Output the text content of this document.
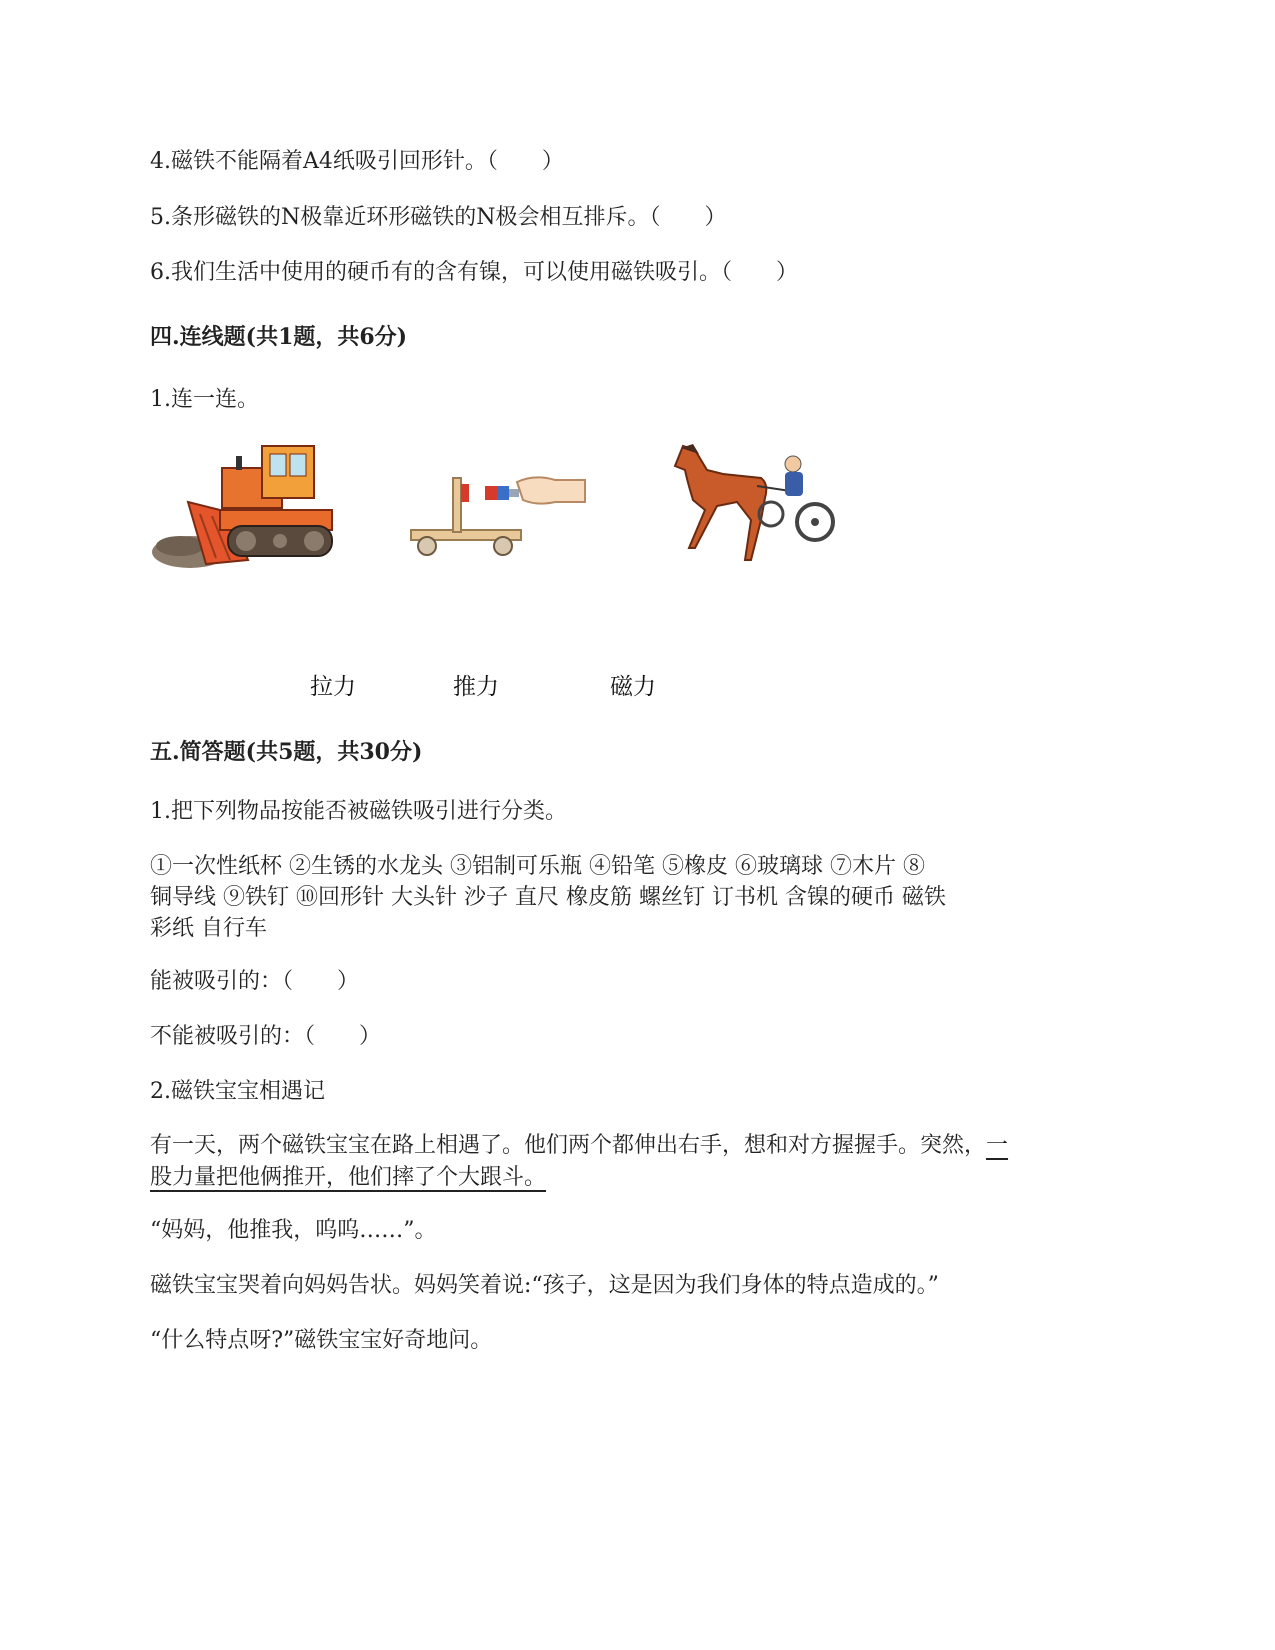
4.磁铁不能隔着A4纸吸引回形针。（　　）
5.条形磁铁的N极靠近环形磁铁的N极会相互排斥。（　　）
6.我们生活中使用的硬币有的含有镍，可以使用磁铁吸引。（　　）
四.连线题(共1题，共6分)
1.连一连。
拉力	推力	磁力
五.简答题(共5题，共30分)
1.把下列物品按能否被磁铁吸引进行分类。
①一次性纸杯 ②生锈的水龙头 ③铝制可乐瓶 ④铅笔 ⑤橡皮 ⑥玻璃球 ⑦木片 ⑧
铜导线 ⑨铁钉 ⑩回形针 大头针 沙子 直尺 橡皮筋 螺丝钉 订书机 含镍的硬币 磁铁
彩纸 自行车
能被吸引的：（　　）
不能被吸引的：（　　）
2.磁铁宝宝相遇记
有一天，两个磁铁宝宝在路上相遇了。他们两个都伸出右手，想和对方握握手。突然，一
股力量把他俩推开，他们摔了个大跟斗。
“妈妈，他推我，呜呜……”。
磁铁宝宝哭着向妈妈告状。妈妈笑着说:“孩子，这是因为我们身体的特点造成的。”
“什么特点呀?”磁铁宝宝好奇地问。
